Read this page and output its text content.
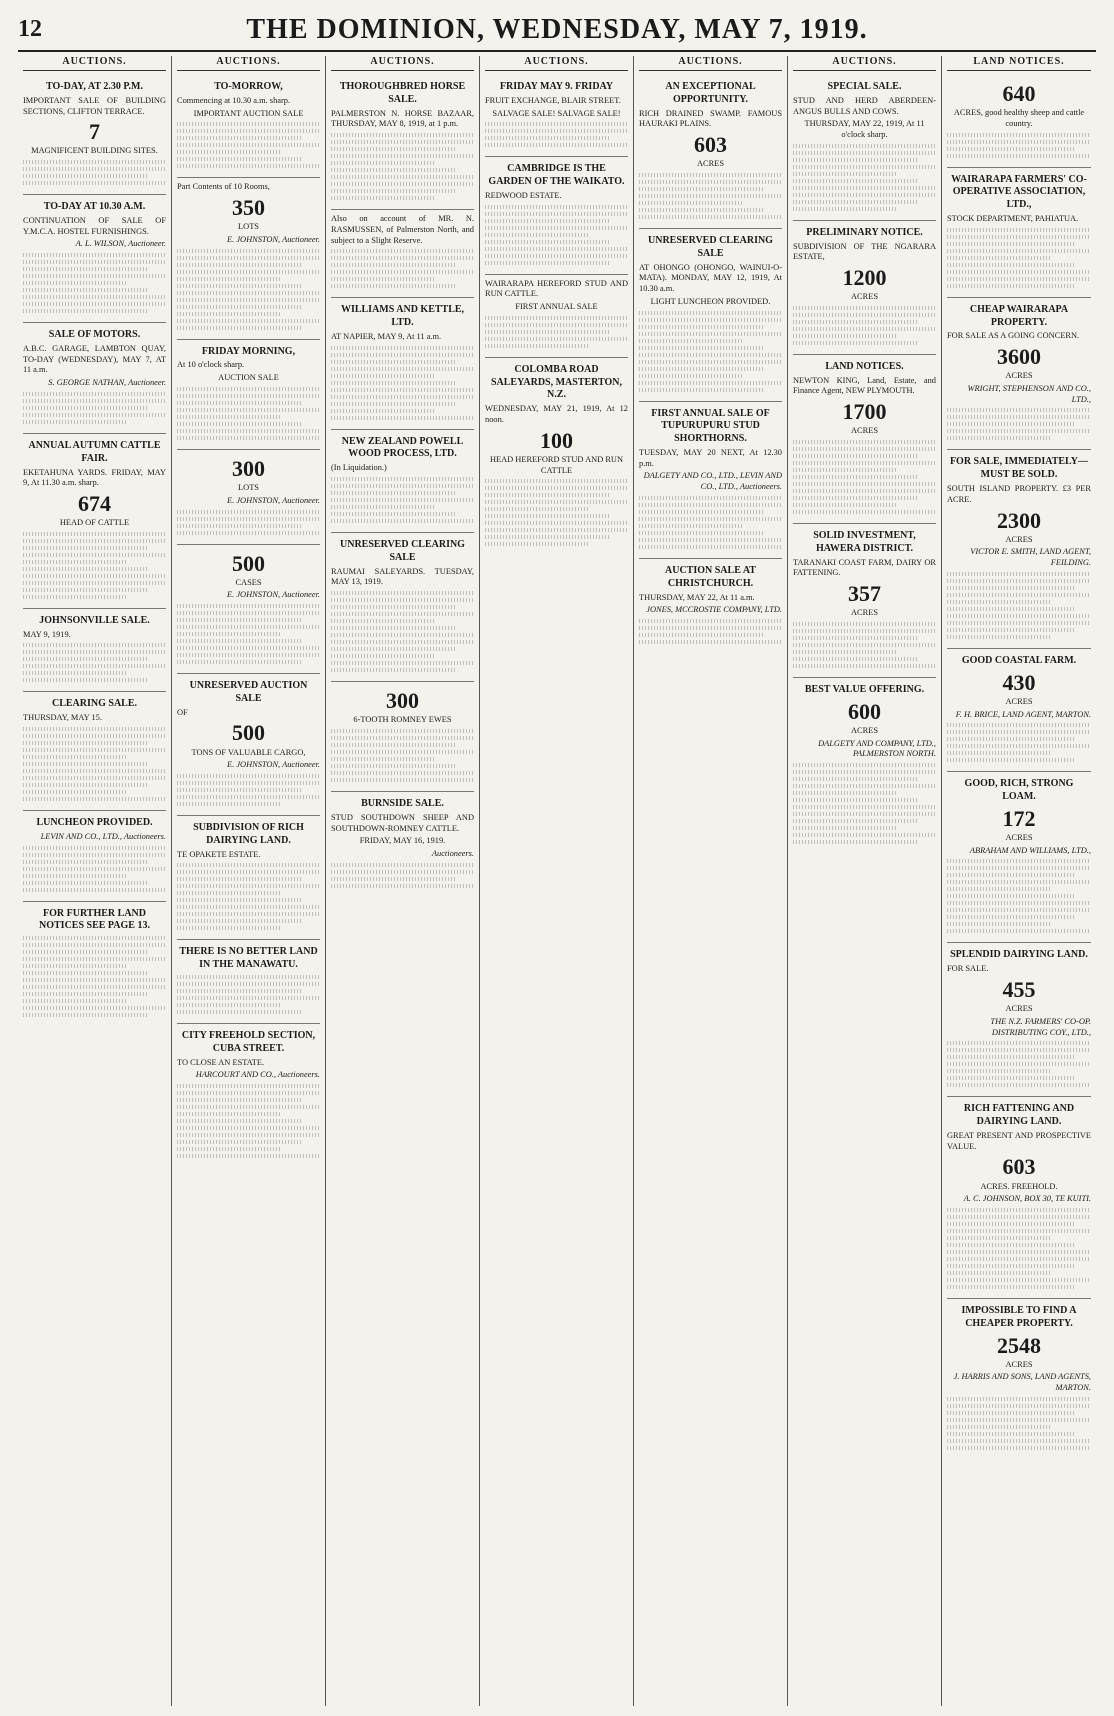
12	THE DOMINION, WEDNESDAY, MAY 7, 1919.
AUCTIONS.
TO-DAY, AT 2.30 P.M.
IMPORTANT SALE OF BUILDING SECTIONS, CLIFTON TERRACE.
7
MAGNIFICENT BUILDING SITES.
TO-DAY AT 10.30 A.M.
CONTINUATION OF SALE OF Y.M.C.A. HOSTEL FURNISHINGS.
A. L. WILSON, Auctioneer.
SALE OF MOTORS.
A.B.C. GARAGE, LAMBTON QUAY, TO-DAY (WEDNESDAY), MAY 7, AT 11 a.m.
S. GEORGE NATHAN, Auctioneer.
ANNUAL AUTUMN CATTLE FAIR.
EKETAHUNA YARDS. FRIDAY, MAY 9, At 11.30 a.m. sharp.
674
HEAD OF CATTLE
JOHNSONVILLE SALE.
MAY 9, 1919.
CLEARING SALE.
THURSDAY, MAY 15.
LUNCHEON PROVIDED.
LEVIN AND CO., LTD., Auctioneers.
FOR FURTHER LAND NOTICES SEE PAGE 13.
AUCTIONS.
TO-MORROW,
Commencing at 10.30 a.m. sharp.
IMPORTANT AUCTION SALE
Part Contents of 10 Rooms,
350
LOTS
E. JOHNSTON, Auctioneer.
FRIDAY MORNING,
At 10 o'clock sharp.
AUCTION SALE
300
LOTS
E. JOHNSTON, Auctioneer.
500
CASES
E. JOHNSTON, Auctioneer.
UNRESERVED AUCTION SALE
OF
500
TONS OF VALUABLE CARGO,
E. JOHNSTON, Auctioneer.
SUBDIVISION OF RICH DAIRYING LAND.
TE OPAKETE ESTATE.
THERE IS NO BETTER LAND IN THE MANAWATU.
CITY FREEHOLD SECTION, CUBA STREET.
TO CLOSE AN ESTATE.
HARCOURT AND CO., Auctioneers.
AUCTIONS.
THOROUGHBRED HORSE SALE.
PALMERSTON N. HORSE BAZAAR, THURSDAY, MAY 8, 1919, at 1 p.m.
Also on account of MR. N. RASMUSSEN, of Palmerston North, and subject to a Slight Reserve.
WILLIAMS AND KETTLE, LTD.
AT NAPIER, MAY 9, At 11 a.m.
NEW ZEALAND POWELL WOOD PROCESS, LTD.
(In Liquidation.)
UNRESERVED CLEARING SALE
RAUMAI SALEYARDS. TUESDAY, MAY 13, 1919.
300
6-TOOTH ROMNEY EWES
BURNSIDE SALE.
STUD SOUTHDOWN SHEEP AND SOUTHDOWN-ROMNEY CATTLE.
FRIDAY, MAY 16, 1919.
Auctioneers.
AUCTIONS.
FRIDAY MAY 9. FRIDAY
FRUIT EXCHANGE, BLAIR STREET.
SALVAGE SALE! SALVAGE SALE!
CAMBRIDGE IS THE GARDEN OF THE WAIKATO.
REDWOOD ESTATE.
WAIRARAPA HEREFORD STUD AND RUN CATTLE.
FIRST ANNUAL SALE
COLOMBA ROAD SALEYARDS, MASTERTON, N.Z.
WEDNESDAY, MAY 21, 1919, At 12 noon.
100
HEAD HEREFORD STUD AND RUN CATTLE
AUCTIONS.
AN EXCEPTIONAL OPPORTUNITY.
RICH DRAINED SWAMP. FAMOUS HAURAKI PLAINS.
603
ACRES
UNRESERVED CLEARING SALE
AT OHONGO (OHONGO, WAINUI-O-MATA). MONDAY, MAY 12, 1919, At 10.30 a.m.
LIGHT LUNCHEON PROVIDED.
FIRST ANNUAL SALE OF TUPURUPURU STUD SHORTHORNS.
TUESDAY, MAY 20 NEXT, At 12.30 p.m.
DALGETY AND CO., LTD., LEVIN AND CO., LTD., Auctioneers.
AUCTION SALE AT CHRISTCHURCH.
THURSDAY, MAY 22, At 11 a.m.
JONES, MCCROSTIE COMPANY, LTD.
AUCTIONS.
SPECIAL SALE.
STUD AND HERD ABERDEEN-ANGUS BULLS AND COWS.
THURSDAY, MAY 22, 1919, At 11 o'clock sharp.
PRELIMINARY NOTICE.
SUBDIVISION OF THE NGARARA ESTATE,
1200
ACRES
LAND NOTICES.
NEWTON KING, Land, Estate, and Finance Agent, NEW PLYMOUTH.
1700
ACRES
SOLID INVESTMENT, HAWERA DISTRICT.
TARANAKI COAST FARM, DAIRY OR FATTENING.
357
ACRES
BEST VALUE OFFERING.
600
ACRES
DALGETY AND COMPANY, LTD., PALMERSTON NORTH.
LAND NOTICES.
640
ACRES, good healthy sheep and cattle country.
WAIRARAPA FARMERS' CO-OPERATIVE ASSOCIATION, LTD.,
STOCK DEPARTMENT, PAHIATUA.
CHEAP WAIRARAPA PROPERTY.
FOR SALE AS A GOING CONCERN.
3600
ACRES
WRIGHT, STEPHENSON AND CO., LTD.,
FOR SALE, IMMEDIATELY—MUST BE SOLD.
SOUTH ISLAND PROPERTY. £3 PER ACRE.
2300
ACRES
VICTOR E. SMITH, LAND AGENT, FEILDING.
GOOD COASTAL FARM.
430
ACRES
F. H. BRICE, LAND AGENT, MARTON.
GOOD, RICH, STRONG LOAM.
172
ACRES
ABRAHAM AND WILLIAMS, LTD.,
SPLENDID DAIRYING LAND.
FOR SALE.
455
ACRES
THE N.Z. FARMERS' CO-OP. DISTRIBUTING COY., LTD.,
RICH FATTENING AND DAIRYING LAND.
GREAT PRESENT AND PROSPECTIVE VALUE.
603
ACRES. FREEHOLD.
A. C. JOHNSON, BOX 30, TE KUITI.
IMPOSSIBLE TO FIND A CHEAPER PROPERTY.
2548
ACRES
J. HARRIS AND SONS, LAND AGENTS, MARTON.
